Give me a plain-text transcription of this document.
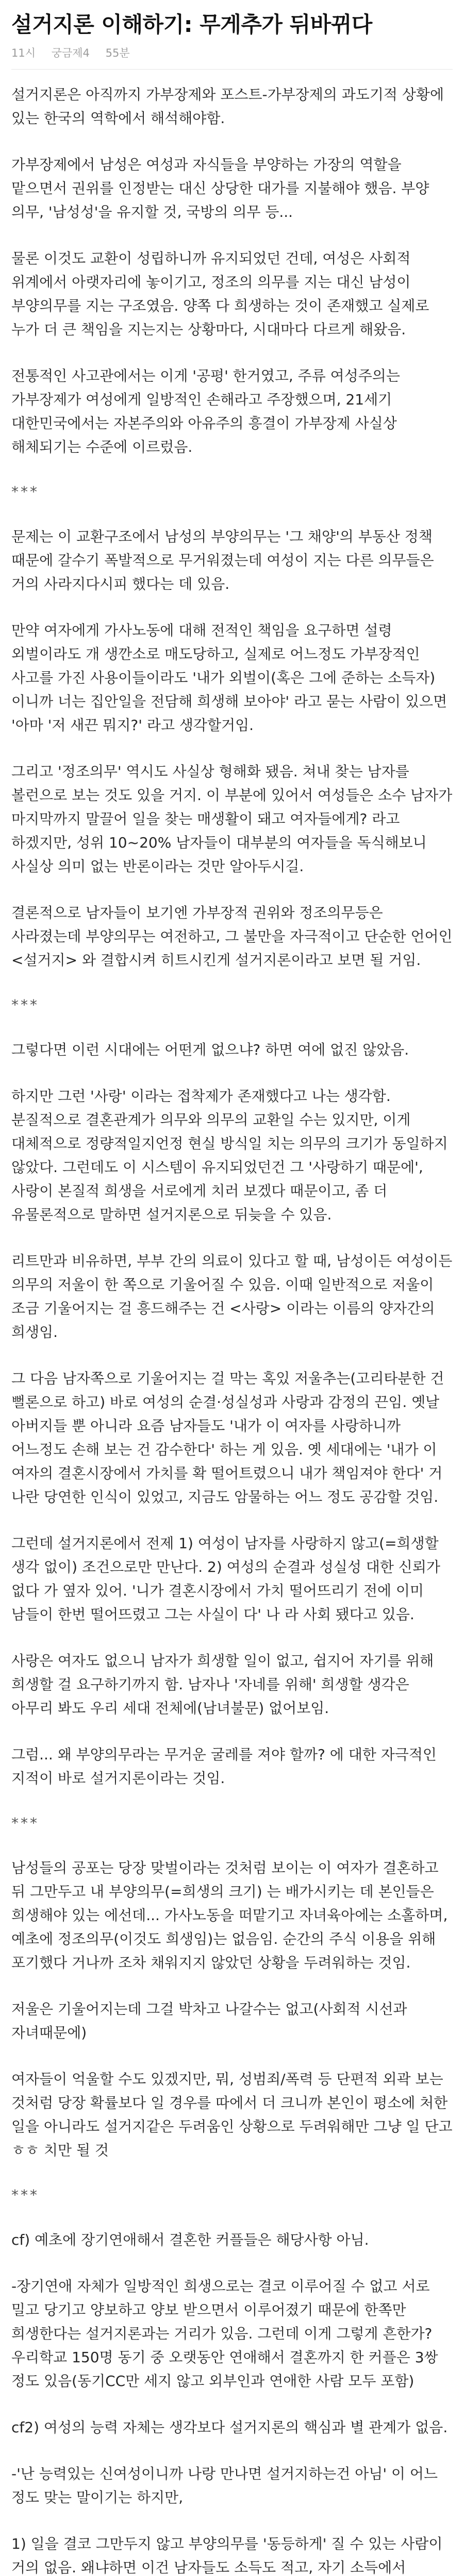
설거지론 이해하기: 무게추가 뒤바뀌다
11시 궁금제4 55분

설거지론은 아직까지 가부장제와 포스트-가부장제의 과도기적 상황에 있는 한국의 역학에서 해석해야함.

가부장제에서 남성은 여성과 자식들을 부양하는 가장의 역할을 맡으면서 권위를 인정받는 대신 상당한 대가를 지불해야 했음. 부양 의무, '남성성'을 유지할 것, 국방의 의무 등...

물론 이것도 교환이 성립하니까 유지되었던 건데, 여성은 사회적 위계에서 아랫자리에 놓이기고, 정조의 의무를 지는 대신 남성이 부양의무를 지는 구조였음. 양쪽 다 희생하는 것이 존재했고 실제로 누가 더 큰 책임을 지는지는 상황마다, 시대마다 다르게 해왔음.

전통적인 사고관에서는 이게 '공평' 한거였고, 주류 여성주의는 가부장제가 여성에게 일방적인 손해라고 주장했으며, 21세기 대한민국에서는 자본주의와 아유주의 흥결이 가부장제 사실상 해체되기는 수준에 이르렀음.

***

문제는 이 교환구조에서 남성의 부양의무는 '그 채양'의 부동산 정책 때문에 갈수기 폭발적으로 무거워졌는데 여성이 지는 다른 의무들은 거의 사라지다시피 했다는 데 있음.

만약 여자에게 가사노동에 대해 전적인 책임을 요구하면 설령 외벌이라도 개 생깐소로 매도당하고, 실제로 어느정도 가부장적인 사고를 가진 사용이들이라도 '내가 외벌이(혹은 그에 준하는 소득자)이니까 너는 집안일을 전담해 희생해 보아야' 라고 묻는 사람이 있으면 '아마 '저 새끈 뭐지?' 라고 생각할거임.

그리고 '정조의무' 역시도 사실상 형해화 됐음. 쳐내 찾는 남자를 볼런으로 보는 것도 있을 거지. 이 부분에 있어서 여성들은 소수 남자가 마지막까지 말끌어 일을 찾는 매생활이 돼고 여자들에게? 라고 하겠지만, 성위 10~20% 남자들이 대부분의 여자들을 독식해보니 사실상 의미 없는 반론이라는 것만 알아두시길.

결론적으로 남자들이 보기엔 가부장적 권위와 정조의무등은 사라졌는데 부양의무는 여전하고, 그 불만을 자극적이고 단순한 언어인 <설거지> 와 결합시켜 히트시킨게 설거지론이라고 보면 될 거임.

***

그렇다면 이런 시대에는 어떤게 없으냐? 하면 여에 없진 않았음.

하지만 그런 '사랑' 이라는 접착제가 존재했다고 나는 생각함. 분질적으로 결혼관계가 의무와 의무의 교환일 수는 있지만, 이게 대체적으로 정량적일지언정 현실 방식일 치는 의무의 크기가 동일하지 않았다. 그런데도 이 시스템이 유지되었던건 그 '사랑하기 때문에', 사랑이 본질적 희생을 서로에게 치러 보겠다 때문이고, 좀 더 유물론적으로 말하면 설거지론으로 뒤늦을 수 있음.

리트만과 비유하면, 부부 간의 의료이 있다고 할 때, 남성이든 여성이든 의무의 저울이 한 쪽으로 기울어질 수 있음. 이때 일반적으로 저울이 조금 기울어지는 걸 흥드해주는 건 <사랑> 이라는 이름의 양자간의 희생임.

그 다음 남자쪽으로 기울어지는 걸 막는 혹있 저울추는(고리타분한 건 뻘론으로 하고) 바로 여성의 순결·성실성과 사랑과 감정의 끈임. 옛날 아버지들 뿐 아니라 요즘 남자들도 '내가 이 여자를 사랑하니까 어느정도 손해 보는 건 감수한다' 하는 게 있음. 옛 세대에는 '내가 이 여자의 결혼시장에서 가치를 확 떨어트렸으니 내가 책임져야 한다' 거 나란 당연한 인식이 있었고, 지금도 암물하는 어느 정도 공감할 것임.

그런데 설거지론에서 전제 1) 여성이 남자를 사랑하지 않고(=희생할 생각 없이) 조건으로만 만난다. 2) 여성의 순결과 성실성 대한 신뢰가 없다 가 옆자 있어. '니가 결혼시장에서 가치 떨어뜨리기 전에 이미 남들이 한번 떨어뜨렸고 그는 사실이 다' 나 라 사회 됐다고 있음.

사랑은 여자도 없으니 남자가 희생할 일이 없고, 쉽지어 자기를 위해 희생할 걸 요구하기까지 함. 남자나 '자네를 위해' 희생할 생각은 아무리 봐도 우리 세대 전체에(남녀불문) 없어보임.

그럼... 왜 부양의무라는 무거운 굴레를 져야 할까? 에 대한 자극적인 지적이 바로 설거지론이라는 것임.

***

남성들의 공포는 당장 맞벌이라는 것처럼 보이는 이 여자가 결혼하고 뒤 그만두고 내 부양의무(=희생의 크기) 는 배가시키는 데 본인들은 희생해야 있는 에선데... 가사노동을 떠맡기고 자녀육아에는 소홀하며, 예초에 정조의무(이것도 희생임)는 없음임. 순간의 주식 이용을 위해 포기했다 거나까 조차 채워지지 않았던 상황을 두려워하는 것임.

저울은 기울어지는데 그걸 박차고 나갈수는 없고(사회적 시선과 자녀때문에)

여자들이 억울할 수도 있겠지만, 뭐, 성범죄/폭력 등 단편적 외곽 보는 것처럼 당장 확률보다 일 경우를 따에서 더 크니까 본인이 평소에 처한 일을 아니라도 설거지같은 두려움인 상황으로 두려워해만 그냥 일 단고 ㅎㅎ 치만 될 것

***

cf) 예초에 장기연애해서 결혼한 커플들은 해당사항 아님.

-장기연애 자체가 일방적인 희생으로는 결코 이루어질 수 없고 서로 밀고 당기고 양보하고 양보 받으면서 이루어졌기 때문에 한쪽만 희생한다는 설거지론과는 거리가 있음. 그런데 이게 그렇게 흔한가? 우리학교 150명 동기 중 오랫동안 연애해서 결혼까지 한 커플은 3쌍 정도 있음(동기CC만 세지 않고 외부인과 연애한 사람 모두 포함)

cf2) 여성의 능력 자체는 생각보다 설거지론의 핵심과 별 관계가 없음.

-'난 능력있는 신여성이니까 나랑 만나면 설거지하는건 아님' 이 어느 정도 맞는 말이기는 하지만,

1) 일을 결코 그만두지 않고 부양의무를 '동등하게' 질 수 있는 사람이 거의 없음. 왜냐하면 이건 남자들도 소득도 적고, 자기 소득에서
